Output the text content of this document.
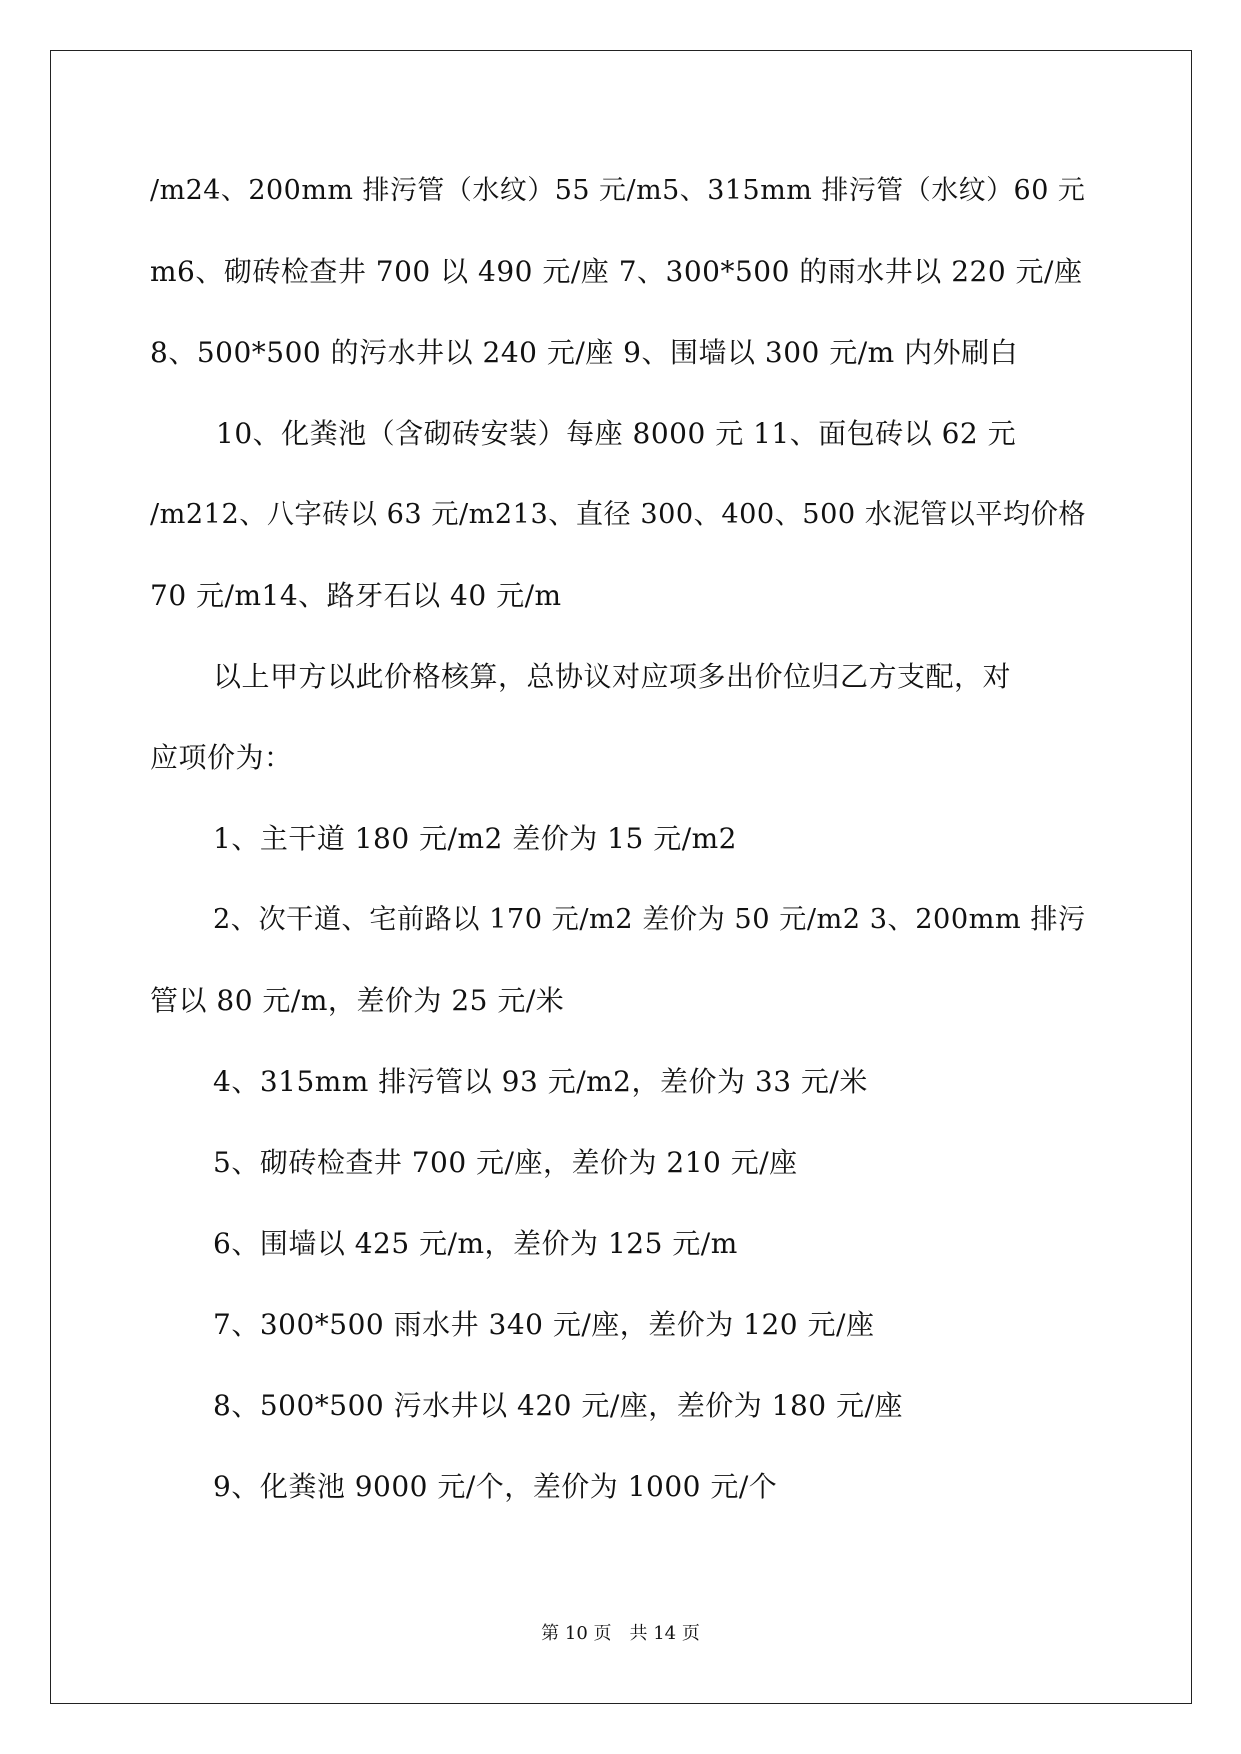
/m24、200mm 排污管（水纹）55 元/m5、315mm 排污管（水纹）60 元
m6、砌砖检查井 700 以 490 元/座 7、300*500 的雨水井以 220 元/座
8、500*500 的污水井以 240 元/座 9、围墙以 300 元/m 内外刷白
10、化粪池（含砌砖安装）每座 8000 元 11、面包砖以 62 元
/m212、八字砖以 63 元/m213、直径 300、400、500 水泥管以平均价格
70 元/m14、路牙石以 40 元/m
以上甲方以此价格核算，总协议对应项多出价位归乙方支配，对
应项价为：
1、主干道 180 元/m2 差价为 15 元/m2
2、次干道、宅前路以 170 元/m2 差价为 50 元/m2 3、200mm 排污
管以 80 元/m，差价为 25 元/米
4、315mm 排污管以 93 元/m2，差价为 33 元/米
5、砌砖检查井 700 元/座，差价为 210 元/座
6、围墙以 425 元/m，差价为 125 元/m
7、300*500 雨水井 340 元/座，差价为 120 元/座
8、500*500 污水井以 420 元/座，差价为 180 元/座
9、化粪池 9000 元/个，差价为 1000 元/个
第 10 页 共 14 页
